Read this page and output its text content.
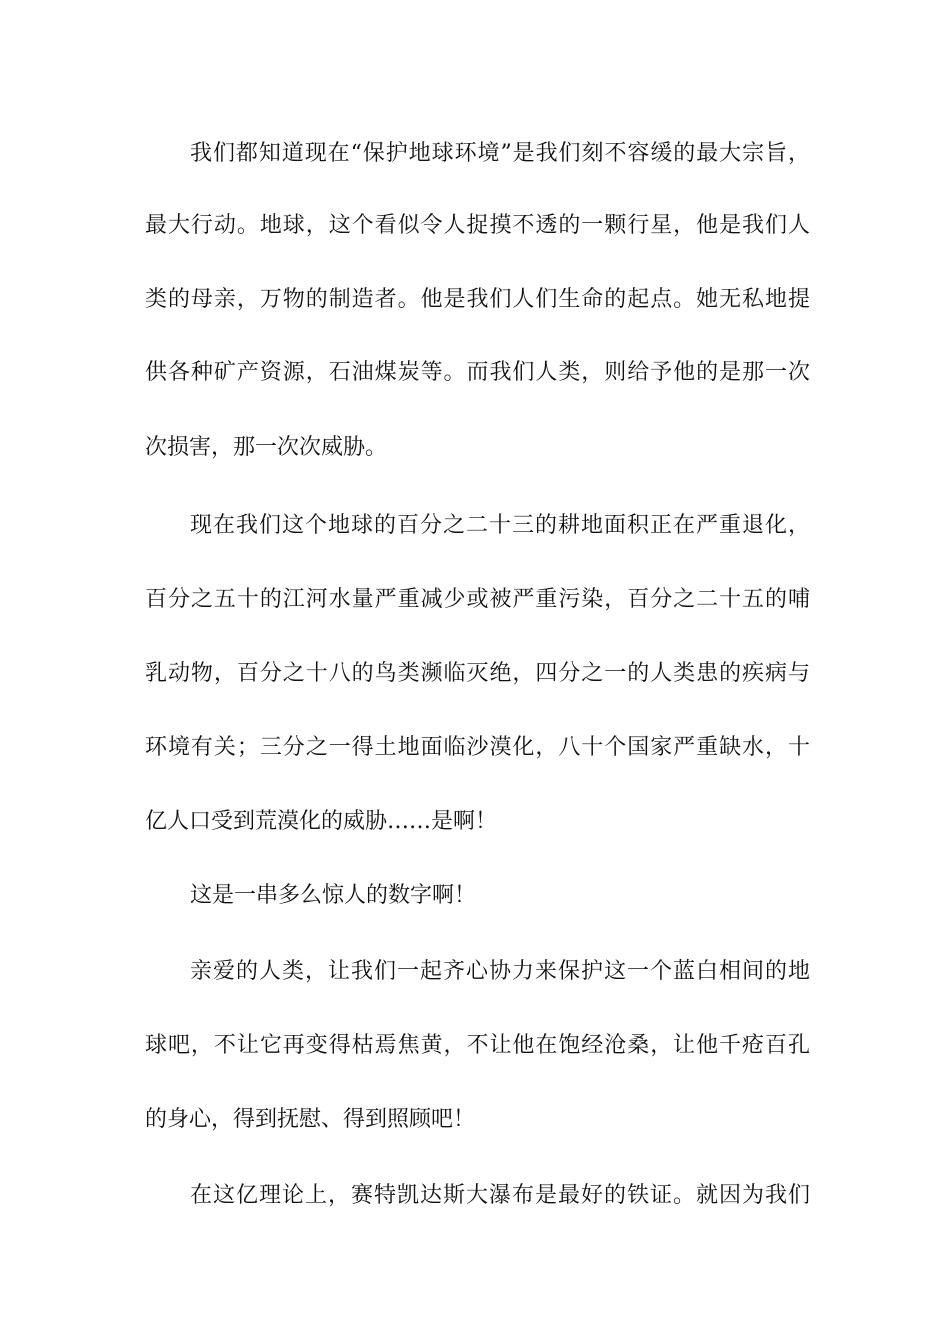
我们都知道现在“保护地球环境”是我们刻不容缓的最大宗旨，
最大行动。地球，这个看似令人捉摸不透的一颗行星，他是我们人
类的母亲，万物的制造者。他是我们人们生命的起点。她无私地提
供各种矿产资源，石油煤炭等。而我们人类，则给予他的是那一次
次损害，那一次次威胁。
现在我们这个地球的百分之二十三的耕地面积正在严重退化，
百分之五十的江河水量严重减少或被严重污染，百分之二十五的哺
乳动物，百分之十八的鸟类濒临灭绝，四分之一的人类患的疾病与
环境有关；三分之一得土地面临沙漠化，八十个国家严重缺水，十
亿人口受到荒漠化的威胁……是啊！
这是一串多么惊人的数字啊！
亲爱的人类，让我们一起齐心协力来保护这一个蓝白相间的地
球吧，不让它再变得枯焉焦黄，不让他在饱经沧桑，让他千疮百孔
的身心，得到抚慰、得到照顾吧！
在这亿理论上，赛特凯达斯大瀑布是最好的铁证。就因为我们
